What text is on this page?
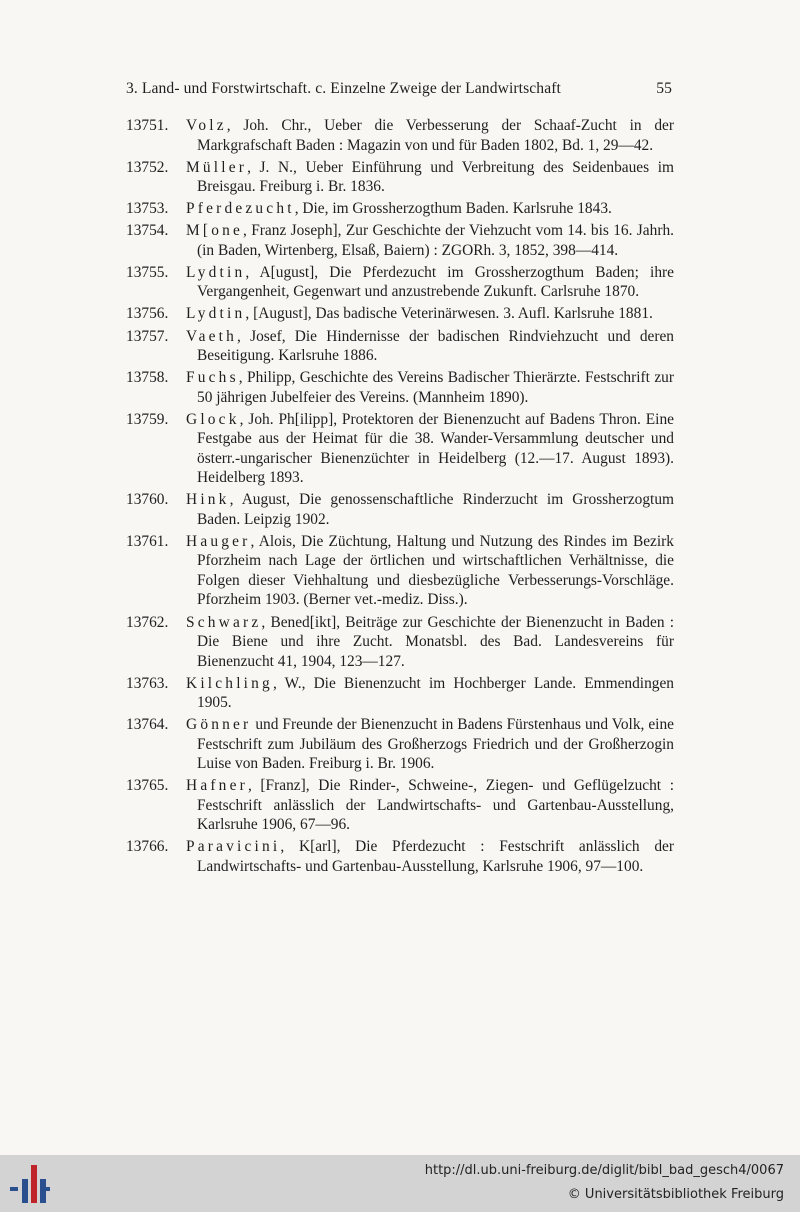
3. Land- und Forstwirtschaft. c. Einzelne Zweige der Landwirtschaft	55
13751.	Volz, Joh. Chr., Ueber die Verbesserung der Schaaf-Zucht in der Markgrafschaft Baden : Magazin von und für Baden 1802, Bd. 1, 29—42.
13752.	Müller, J. N., Ueber Einführung und Verbreitung des Seidenbaues im Breisgau. Freiburg i. Br. 1836.
13753.	Pferdezucht, Die, im Grossherzogthum Baden. Karlsruhe 1843.
13754.	M[one, Franz Joseph], Zur Geschichte der Viehzucht vom 14. bis 16. Jahrh. (in Baden, Wirtenberg, Elsaß, Baiern) : ZGORh. 3, 1852, 398—414.
13755.	Lydtin, A[ugust], Die Pferdezucht im Grossherzogthum Baden; ihre Vergangenheit, Gegenwart und anzustrebende Zukunft. Carlsruhe 1870.
13756.	Lydtin, [August], Das badische Veterinärwesen. 3. Aufl. Karlsruhe 1881.
13757.	Vaeth, Josef, Die Hindernisse der badischen Rindviehzucht und deren Beseitigung. Karlsruhe 1886.
13758.	Fuchs, Philipp, Geschichte des Vereins Badischer Thierärzte. Festschrift zur 50 jährigen Jubelfeier des Vereins. (Mannheim 1890).
13759.	Glock, Joh. Ph[ilipp], Protektoren der Bienenzucht auf Badens Thron. Eine Festgabe aus der Heimat für die 38. Wander-Versammlung deutscher und österr.-ungarischer Bienenzüchter in Heidelberg (12.—17. August 1893). Heidelberg 1893.
13760.	Hink, August, Die genossenschaftliche Rinderzucht im Grossherzogtum Baden. Leipzig 1902.
13761.	Hauger, Alois, Die Züchtung, Haltung und Nutzung des Rindes im Bezirk Pforzheim nach Lage der örtlichen und wirtschaftlichen Verhältnisse, die Folgen dieser Viehhaltung und diesbezügliche Verbesserungs-Vorschläge. Pforzheim 1903. (Berner vet.-mediz. Diss.).
13762.	Schwarz, Bened[ikt], Beiträge zur Geschichte der Bienenzucht in Baden : Die Biene und ihre Zucht. Monatsbl. des Bad. Landesvereins für Bienenzucht 41, 1904, 123—127.
13763.	Kilchling, W., Die Bienenzucht im Hochberger Lande. Emmendingen 1905.
13764.	Gönner und Freunde der Bienenzucht in Badens Fürstenhaus und Volk, eine Festschrift zum Jubiläum des Großherzogs Friedrich und der Großherzogin Luise von Baden. Freiburg i. Br. 1906.
13765.	Hafner, [Franz], Die Rinder-, Schweine-, Ziegen- und Geflügelzucht : Festschrift anlässlich der Landwirtschafts- und Gartenbau-Ausstellung, Karlsruhe 1906, 67—96.
13766.	Paravicini, K[arl], Die Pferdezucht : Festschrift anlässlich der Landwirtschafts- und Gartenbau-Ausstellung, Karlsruhe 1906, 97—100.
http://dl.ub.uni-freiburg.de/diglit/bibl_bad_gesch4/0067
© Universitätsbibliothek Freiburg
